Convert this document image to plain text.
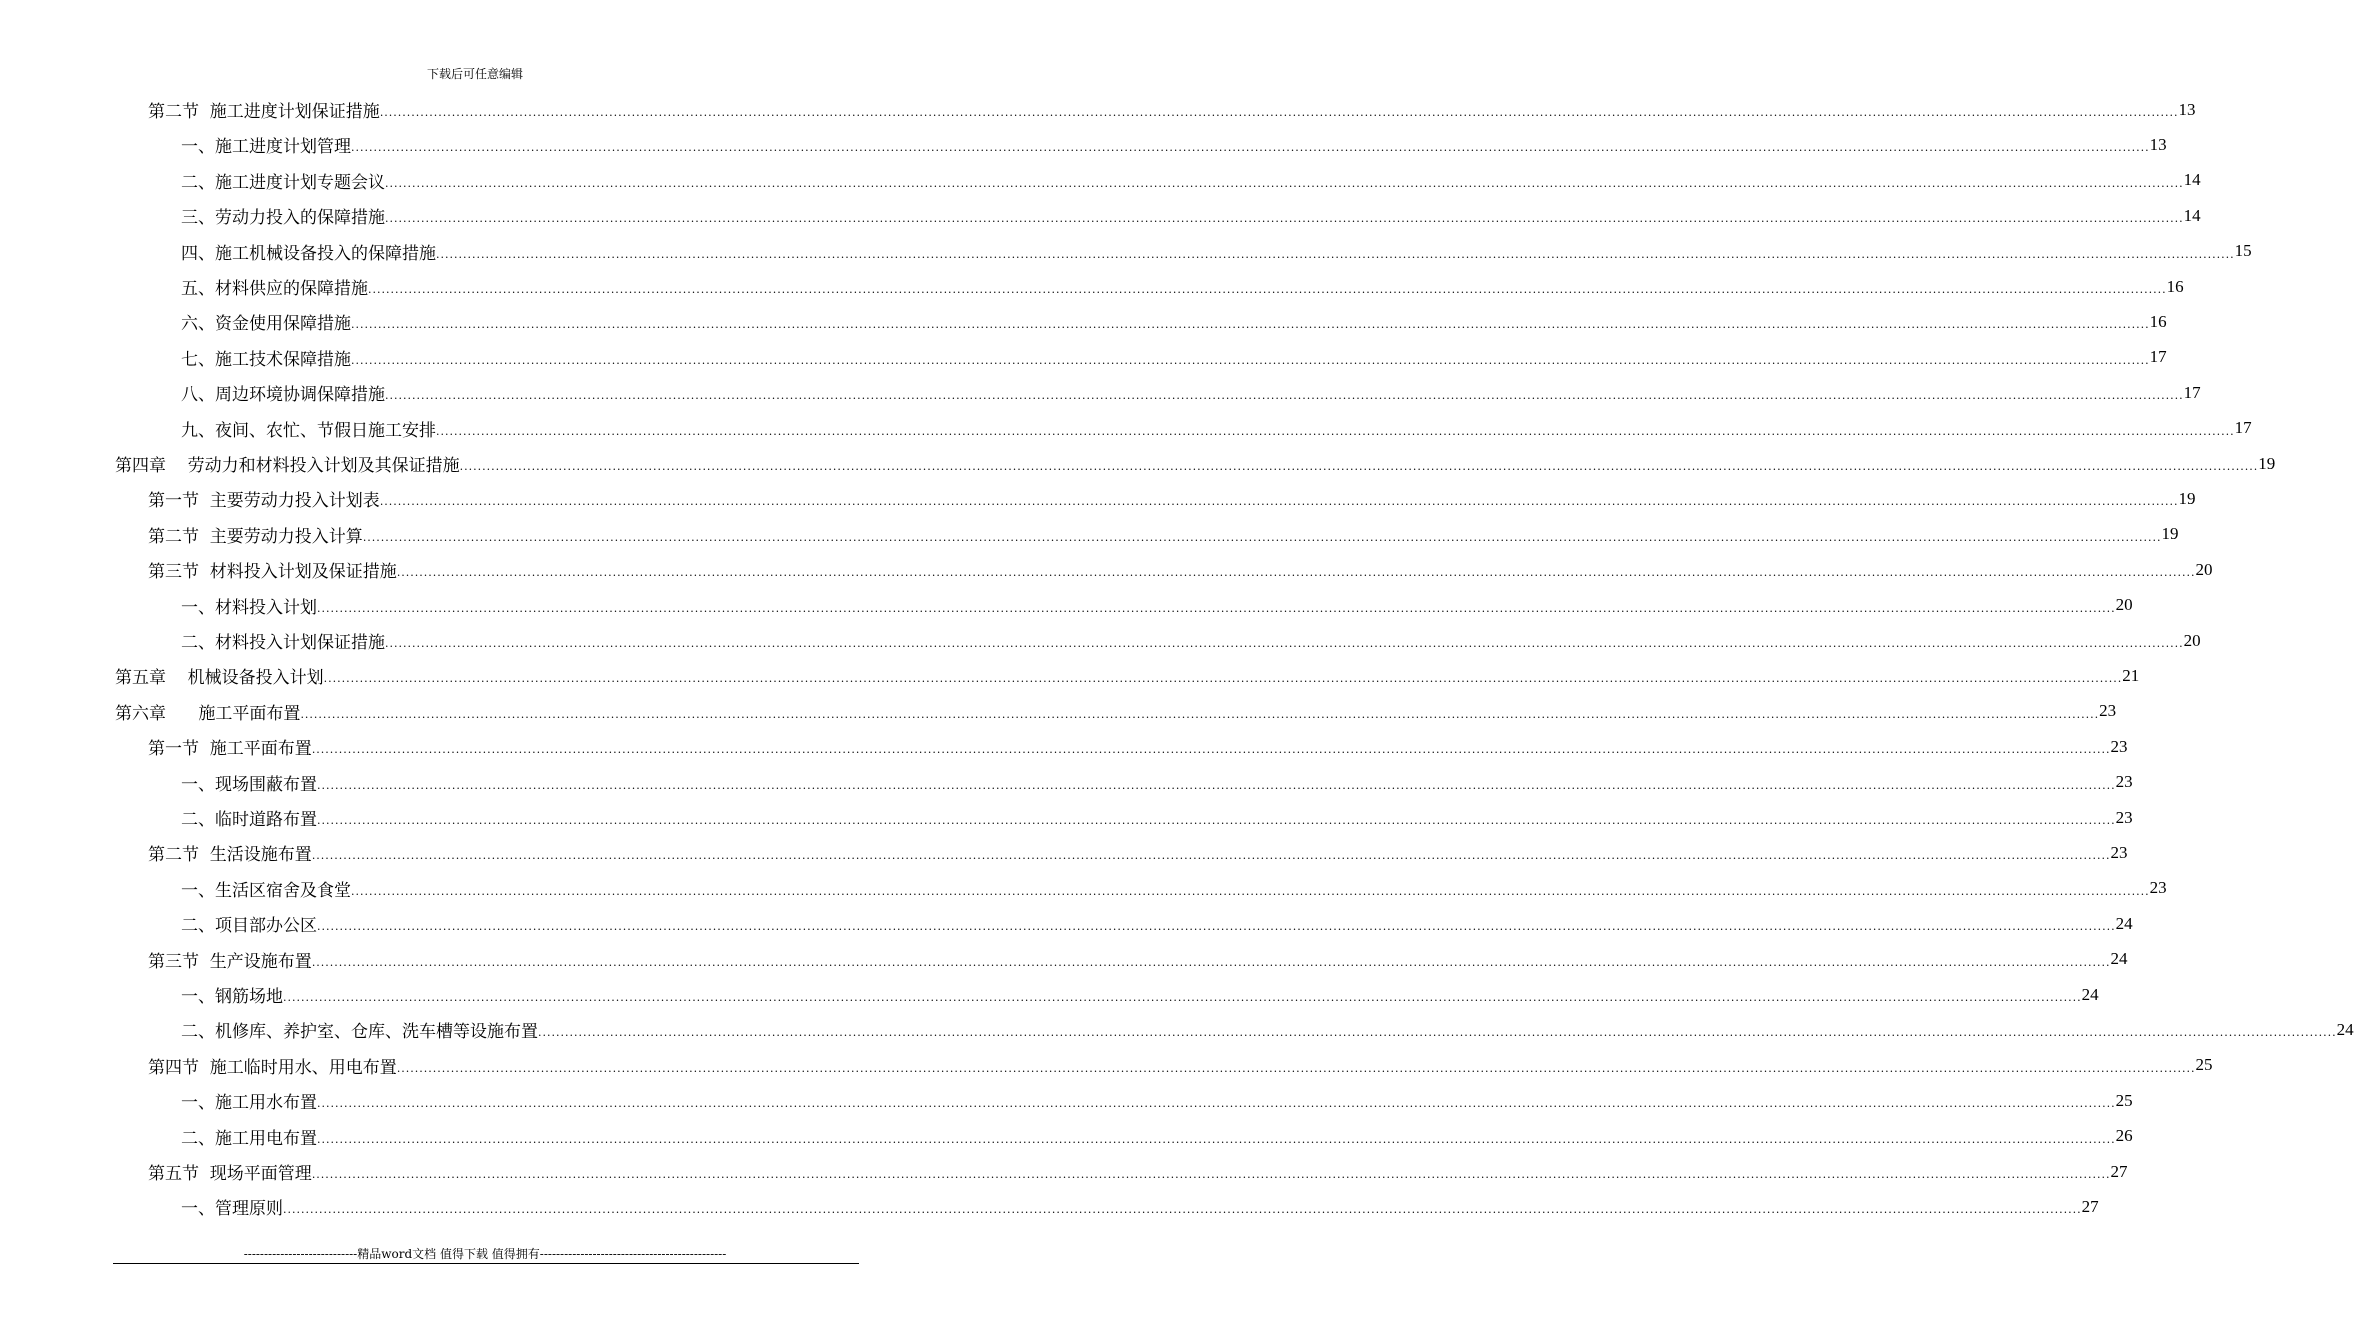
下载后可任意编辑
第二节  施工进度计划保证措施 ................................................................................................................................................................................................................................................................................................................................................................................................................ 13
一、施工进度计划管理 ................................................................................................................................................................................................................................................................................................................................................................................................................ 13
二、施工进度计划专题会议 ................................................................................................................................................................................................................................................................................................................................................................................................................ 14
三、劳动力投入的保障措施 ................................................................................................................................................................................................................................................................................................................................................................................................................ 14
四、施工机械设备投入的保障措施 ................................................................................................................................................................................................................................................................................................................................................................................................................ 15
五、材料供应的保障措施 ................................................................................................................................................................................................................................................................................................................................................................................................................ 16
六、资金使用保障措施 ................................................................................................................................................................................................................................................................................................................................................................................................................ 16
七、施工技术保障措施 ................................................................................................................................................................................................................................................................................................................................................................................................................ 17
八、周边环境协调保障措施 ................................................................................................................................................................................................................................................................................................................................................................................................................ 17
九、夜间、农忙、节假日施工安排 ................................................................................................................................................................................................................................................................................................................................................................................................................ 17
第四章    劳动力和材料投入计划及其保证措施 ................................................................................................................................................................................................................................................................................................................................................................................................................ 19
第一节  主要劳动力投入计划表 ................................................................................................................................................................................................................................................................................................................................................................................................................ 19
第二节  主要劳动力投入计算 ................................................................................................................................................................................................................................................................................................................................................................................................................ 19
第三节  材料投入计划及保证措施 ................................................................................................................................................................................................................................................................................................................................................................................................................ 20
一、材料投入计划 ................................................................................................................................................................................................................................................................................................................................................................................................................ 20
二、材料投入计划保证措施 ................................................................................................................................................................................................................................................................................................................................................................................................................ 20
第五章    机械设备投入计划 ................................................................................................................................................................................................................................................................................................................................................................................................................ 21
第六章      施工平面布置 ................................................................................................................................................................................................................................................................................................................................................................................................................ 23
第一节  施工平面布置 ................................................................................................................................................................................................................................................................................................................................................................................................................ 23
一、现场围蔽布置 ................................................................................................................................................................................................................................................................................................................................................................................................................ 23
二、临时道路布置 ................................................................................................................................................................................................................................................................................................................................................................................................................ 23
第二节  生活设施布置 ................................................................................................................................................................................................................................................................................................................................................................................................................ 23
一、生活区宿舍及食堂 ................................................................................................................................................................................................................................................................................................................................................................................................................ 23
二、项目部办公区 ................................................................................................................................................................................................................................................................................................................................................................................................................ 24
第三节  生产设施布置 ................................................................................................................................................................................................................................................................................................................................................................................................................ 24
一、钢筋场地 ................................................................................................................................................................................................................................................................................................................................................................................................................ 24
二、机修库、养护室、仓库、洗车槽等设施布置 ................................................................................................................................................................................................................................................................................................................................................................................................................ 24
第四节  施工临时用水、用电布置 ................................................................................................................................................................................................................................................................................................................................................................................................................ 25
一、施工用水布置 ................................................................................................................................................................................................................................................................................................................................................................................................................ 25
二、施工用电布置 ................................................................................................................................................................................................................................................................................................................................................................................................................ 26
第五节  现场平面管理 ................................................................................................................................................................................................................................................................................................................................................................................................................ 27
一、管理原则 ................................................................................................................................................................................................................................................................................................................................................................................................................ 27
----------------------------精品word文档 值得下载 值得拥有----------------------------------------------
